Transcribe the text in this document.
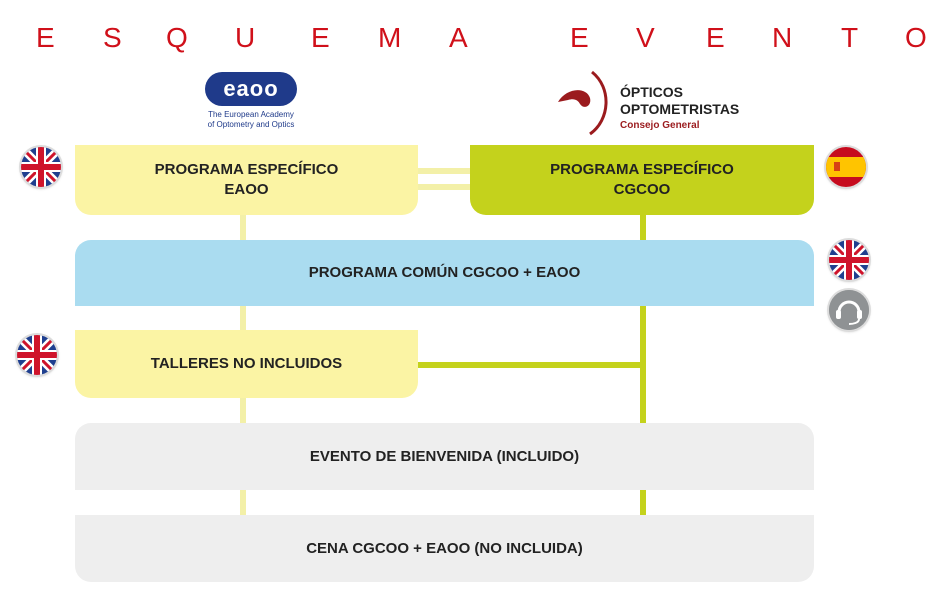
E S Q U E M A	E V E N T O
eaoo
The European Academy
of Optometry and Optics
ÓPTICOS
OPTOMETRISTAS
Consejo General
PROGRAMA ESPECÍFICO
EAOO
PROGRAMA ESPECÍFICO
CGCOO
PROGRAMA COMÚN CGCOO + EAOO
TALLERES NO INCLUIDOS
EVENTO DE BIENVENIDA (INCLUIDO)
CENA CGCOO + EAOO (NO INCLUIDA)
